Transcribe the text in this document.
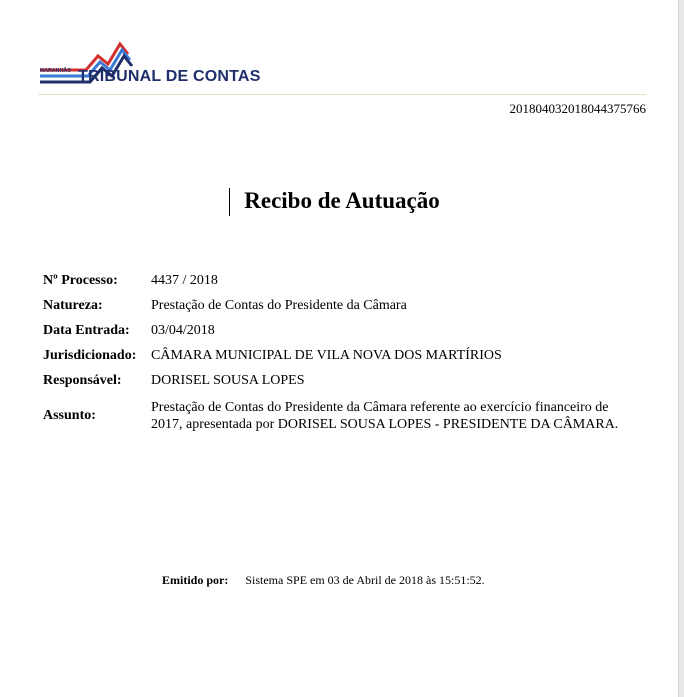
MARANHÃO TRIBUNAL DE CONTAS
201804032018044375766
Recibo de Autuação
Nº Processo:	4437 / 2018
Natureza:	Prestação de Contas do Presidente da Câmara
Data Entrada:	03/04/2018
Jurisdicionado:	CÂMARA MUNICIPAL DE VILA NOVA DOS MARTÍRIOS
Responsável:	DORISEL SOUSA LOPES
Assunto:
Prestação de Contas do Presidente da Câmara referente ao exercício financeiro de 2017, apresentada por DORISEL SOUSA LOPES - PRESIDENTE DA CÂMARA.
Emitido por: Sistema SPE em 03 de Abril de 2018 às 15:51:52.
